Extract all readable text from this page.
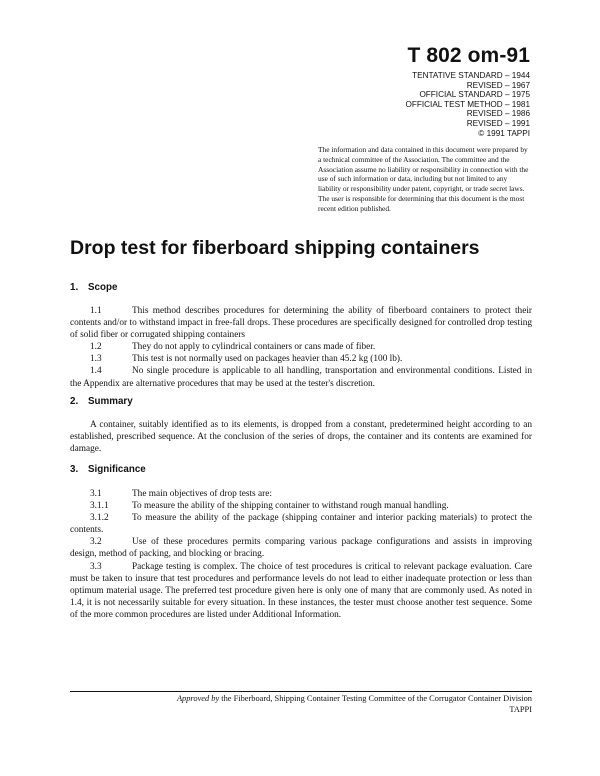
T 802 om-91
TENTATIVE STANDARD – 1944
REVISED – 1967
OFFICIAL STANDARD – 1975
OFFICIAL TEST METHOD – 1981
REVISED – 1986
REVISED – 1991
© 1991 TAPPI
The information and data contained in this document were prepared by a technical committee of the Association. The committee and the Association assume no liability or responsibility in connection with the use of such information or data, including but not limited to any liability or responsibility under patent, copyright, or trade secret laws. The user is responsible for determining that this document is the most recent edition published.
Drop test for fiberboard shipping containers
1. Scope

1.1	This method describes procedures for determining the ability of fiberboard containers to protect their contents and/or to withstand impact in free-fall drops. These procedures are specifically designed for controlled drop testing of solid fiber or corrugated shipping containers

1.2	They do not apply to cylindrical containers or cans made of fiber.

1.3	This test is not normally used on packages heavier than 45.2 kg (100 lb).

1.4	No single procedure is applicable to all handling, transportation and environmental conditions. Listed in the Appendix are alternative procedures that may be used at the tester's discretion.

2. Summary

A container, suitably identified as to its elements, is dropped from a constant, predetermined height according to an established, prescribed sequence. At the conclusion of the series of drops, the container and its contents are examined for damage.

3. Significance

3.1	The main objectives of drop tests are:

3.1.1	To measure the ability of the shipping container to withstand rough manual handling.

3.1.2	To measure the ability of the package (shipping container and interior packing materials) to protect the contents.

3.2	Use of these procedures permits comparing various package configurations and assists in improving design, method of packing, and blocking or bracing.

3.3	Package testing is complex. The choice of test procedures is critical to relevant package evaluation. Care must be taken to insure that test procedures and performance levels do not lead to either inadequate protection or less than optimum material usage. The preferred test procedure given here is only one of many that are commonly used. As noted in 1.4, it is not necessarily suitable for every situation. In these instances, the tester must choose another test sequence. Some of the more common procedures are listed under Additional Information.

Approved by the Fiberboard, Shipping Container Testing Committee of the Corrugator Container Division
TAPPI
